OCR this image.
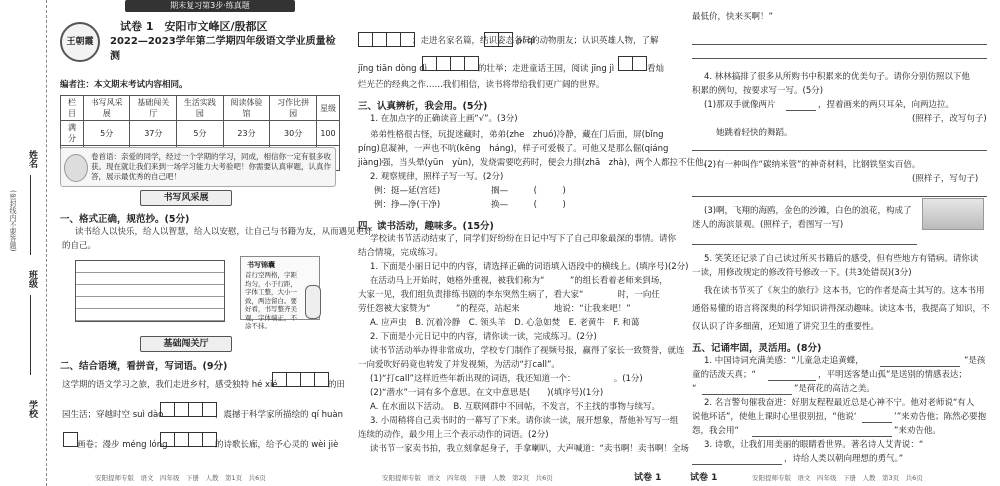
姓名
班级
学校
(密封线内不要答题)
期末复习第3步·练真题
王朝霞
试卷 1　安阳市文峰区/殷都区
2022—2023学年第二学期四年级语文学业质量检测
编者注：本文期末考试内容相同。
栏目	书写风采展	基础闯关厅	生活实践园	阅读体验馆	习作比拼园	星级
满分	5分	37分	5分	23分	30分	100

卷首语：亲爱的同学，经过一个学期的学习，同成，相信你一定有很多收获。现在就让我们来到一场学习能力大考验吧！你需要认真审题，认真作答，展示最优秀的自己吧！
书写风采展
一、格式正确，规范抄。(5分)
读书给人以快乐，给人以智慧，给人以安慰，让自己与书籍为友，从而遇见更好
的自己。
书写锦囊
首行空两格，字距均匀，小于行距，字体工整，大小一致，两边留白。要好看，书写整齐美观，字体端正，不涂不抹。
基础闯关厅
二、结合语境，看拼音，写词语。(9分)
这学期的语文学习之旅，我们走进乡村，感受独特 hé xié	的田
园生活；穿越时空 suì dào	，震撼于科学家所描绘的 qí huàn
画卷；漫步 méng lóng	的诗歌长廊，给予心灵的 wèi jiè
安阳提师专版　语文　四年级　下册　人教　第1页　共6页
；走进名家名篇，结识姿态 pí qi
各异的动物朋友；认识英雄人物，了解
jīng tiān dòng dì	的壮举；走进童话王国，阅读 jīng jì	看灿
烂光芒的经典之作……我们相信，读书将带给我们更广阔的世界。
三、认真辨析，我会用。(5分)
1. 在加点字的正确读音上画“√”。(3分)
弟弟性格很古怪，玩捉迷藏时，弟弟(zhe　zhuó)冷静，藏在门后面，屏(bǐng
píng)息凝神，一声也不吭(kēng　háng)，样子可爱极了。可他又是那么倔(qiáng
jiàng)强，当头晕(yūn　yùn)，发烧需要吃药时，便会力排(zhā　zhà)，两个人都拉不住他。
2. 观察规律，照样子写一写。(2分)
例：挺—延(宫廷)　　　　　　搁—　　　(　　　)
例：挣—净(干净)　　　　　　换—　　　(　　　)
四、读书活动，趣味多。(15分)
学校读书节活动结束了，同学们好纷纷在日记中写下了自己印象最深的事情。请你
结合情境，完成练习。
1. 下面是小丽日记中的内容，请选择正确的词语填入语段中的横线上。(填序号)(2分)
在活动马上开始时，她格外重视，被我们称为“　　　”的组长看着老师来到场，
大家一见，我们组负责排练书剧的李东突然生病了，看大家“　　　　时，一向任
劳任怨被大家赞为“　　　”的程亮，站起来　　　　地说：“让我来吧！”
A. 应声虫　B. 沉着冷静　C. 领头羊　D. 心急如焚　E. 老黄牛　F. 和蔼
2. 下面是小元日记中的内容，请你读一读，完成练习。(2分)
读书节活动举办得非常成功，学校专门制作了视频号报，赢得了家长一致赞誉，就连
一向爱吹好码竟也转发了并发视频，为活动“打call”。
(1)“打call”这样近些年新出现的词语，我还知道一个：　　　　　。(1分)
(2)“潜水”一词有多个意思。在文中意思是(　　)(填序号)(1分)
A. 在水面以下活动。　B. 互联网群中不回帖，不发言，不主找的事物与续写。
3. 小周稍将自己卖书时的一幕写了下来。请你读一读，展开想象，帮他补写写一组
连续的动作，最少用上三个表示动作的词语。(2分)
读书节一家卖书拍，我立刻拿起身子，手拿喇叭，大声喊道：“卖书啊！卖书啊！全场
安阳提师专版　语文　四年级　下册　人教　第2页　共6页	试卷 1
最低价，快来买啊！”
4. 林林搞排了很多从所购书中积累来的优美句子。请你分别仿照以下他
积累的例句，按要求写一写。(5分)
(1)那双手就像两片	，捏着画来的两只耳朵，向两边拉。
(照样子，改写句子)
她跳着轻快的舞蹈。
(2)有一种叫作“碳纳米管”的神奇材料，比钢铁坚实百倍。
(照样子，写句子)
(3)啊，飞翔的海鸥，金色的沙滩，白色的浪花，构成了
迷人的海滨景观。(照样子，看图写一写)
5. 笑笑还记录了自己读过所买书籍后的感受，但有些地方有错病。请你读
一读，用修改规定的修改符号修改一下。(共3处错误)(3分)
我在读书节买了《灰尘的旅行》这本书，它的作者是高士其写的。这本书用
通俗易懂的语言将深奥的科学知识讲得深动趣味。读这本书，我提高了知识，不
仅认识了许多细菌，还知道了讲究卫生的重要性。
五、记诵牢固，灵活用。(8分)
1. 中国诗词充满美感：“儿童急走追黄蝶，	”是孩
童的活泼天真；“	，平明送客楚山孤”是送别的情感表达；
“	”是荷花的高洁之美。
2. 名言警句催我奋进：好朋友程程最近总是心神不宁。他对老师说“有人
说他坏话”，使他上课时心里很别扭，“他说‘	’”来劝告他；陈然必要抱
怨，我会用“	”来劝告他。
3. 诗歌，让我们用美丽的眼睛看世界。著名诗人艾青说：“
，诗给人类以朝向理想的勇气。”
试卷 1	安阳提师专版　语文　四年级　下册　人教　第3页　共6页
